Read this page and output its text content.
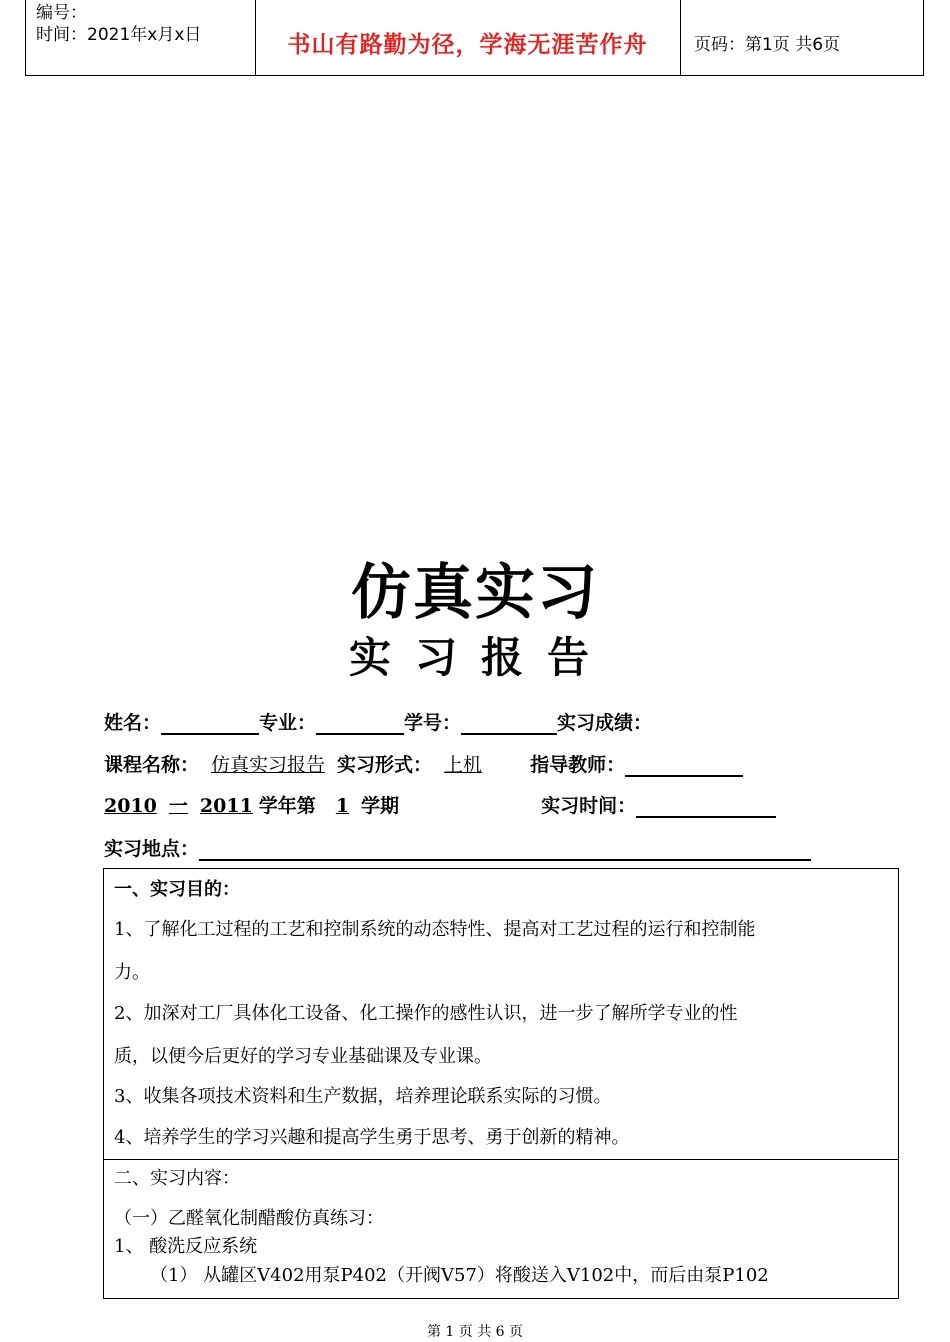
编号：
时间：2021年x月x日	书山有路勤为径，学海无涯苦作舟	页码：第1页 共6页
仿真实习
实习报告
姓名：	专业：	学号：	实习成绩：
课程名称： 仿真实习报告 实习形式： 上机	指导教师：
2010 一 2011 学年第 1 学期	实习时间：
实习地点：
一、实习目的：
1、了解化工过程的工艺和控制系统的动态特性、提高对工艺过程的运行和控制能
力。
2、加深对工厂具体化工设备、化工操作的感性认识，进一步了解所学专业的性
质，以便今后更好的学习专业基础课及专业课。
3、收集各项技术资料和生产数据，培养理论联系实际的习惯。
4、培养学生的学习兴趣和提高学生勇于思考、勇于创新的精神。
二、实习内容：
（一）乙醛氧化制醋酸仿真练习：
1、 酸洗反应系统
（1） 从罐区V402用泵P402（开阀V57）将酸送入V102中，而后由泵P102
第 1 页 共 6 页
